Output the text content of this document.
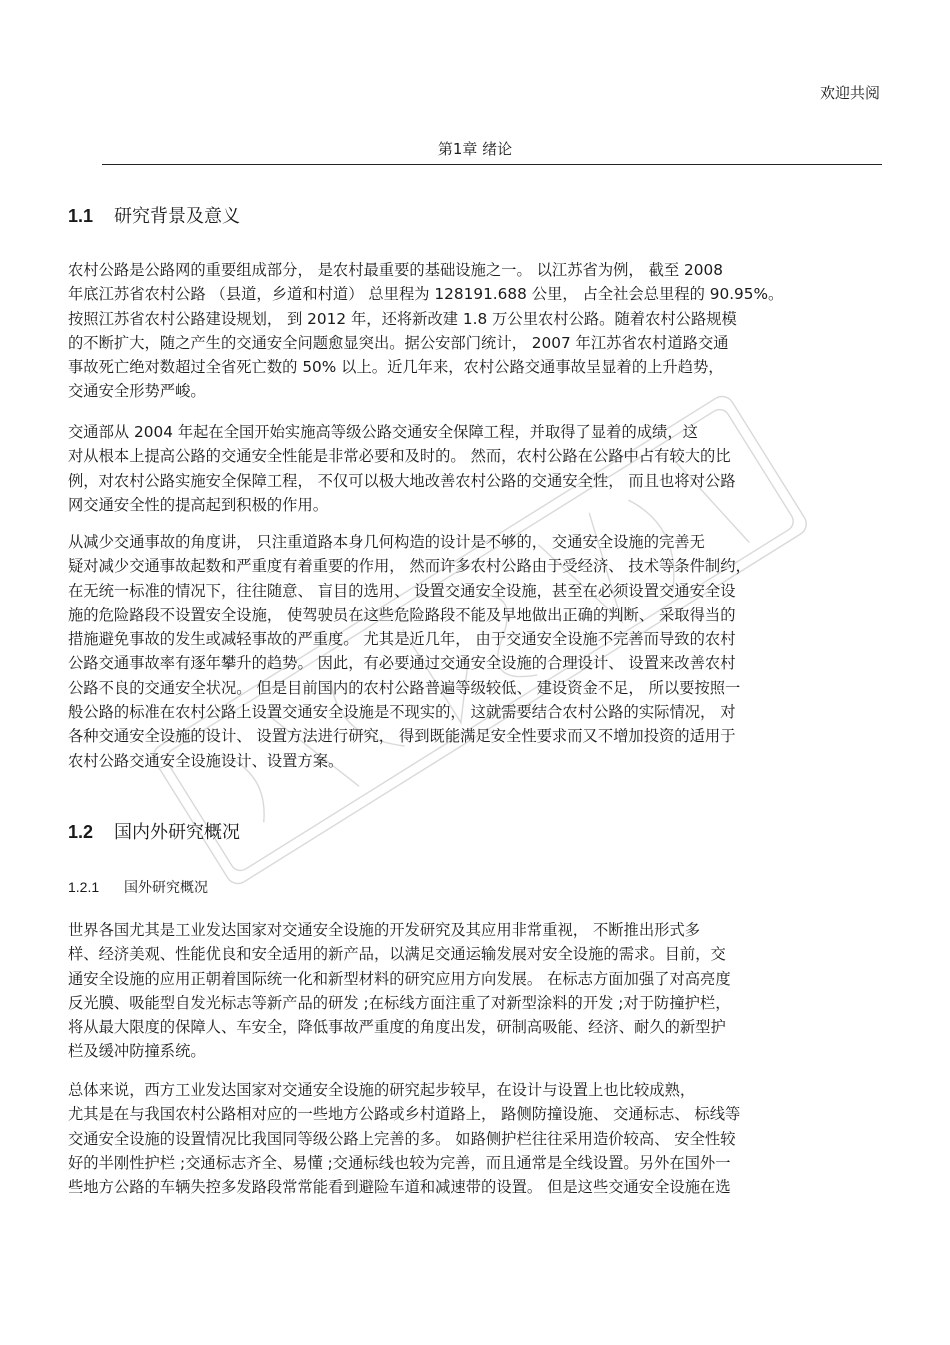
欢迎共阅
第1章 绪论
1.1 研究背景及意义
农村公路是公路网的重要组成部分， 是农村最重要的基础设施之一。 以江苏省为例， 截至 2008
年底江苏省农村公路 （县道，乡道和村道） 总里程为 128191.688 公里， 占全社会总里程的 90.95%。
按照江苏省农村公路建设规划， 到 2012 年，还将新改建 1.8 万公里农村公路。随着农村公路规模
的不断扩大，随之产生的交通安全问题愈显突出。据公安部门统计， 2007 年江苏省农村道路交通
事故死亡绝对数超过全省死亡数的 50% 以上。近几年来，农村公路交通事故呈显着的上升趋势，
交通安全形势严峻。
交通部从 2004 年起在全国开始实施高等级公路交通安全保障工程，并取得了显着的成绩，这
对从根本上提高公路的交通安全性能是非常必要和及时的。 然而，农村公路在公路中占有较大的比
例，对农村公路实施安全保障工程， 不仅可以极大地改善农村公路的交通安全性， 而且也将对公路
网交通安全性的提高起到积极的作用。
从减少交通事故的角度讲， 只注重道路本身几何构造的设计是不够的， 交通安全设施的完善无
疑对减少交通事故起数和严重度有着重要的作用， 然而许多农村公路由于受经济、 技术等条件制约，
在无统一标准的情况下，往往随意、 盲目的选用、 设置交通安全设施，甚至在必须设置交通安全设
施的危险路段不设置安全设施， 使驾驶员在这些危险路段不能及早地做出正确的判断、 采取得当的
措施避免事故的发生或减轻事故的严重度。 尤其是近几年， 由于交通安全设施不完善而导致的农村
公路交通事故率有逐年攀升的趋势。 因此，有必要通过交通安全设施的合理设计、 设置来改善农村
公路不良的交通安全状况。 但是目前国内的农村公路普遍等级较低、 建设资金不足， 所以要按照一
般公路的标准在农村公路上设置交通安全设施是不现实的， 这就需要结合农村公路的实际情况， 对
各种交通安全设施的设计、 设置方法进行研究， 得到既能满足安全性要求而又不增加投资的适用于
农村公路交通安全设施设计、设置方案。
1.2 国内外研究概况
1.2.1 国外研究概况
世界各国尤其是工业发达国家对交通安全设施的开发研究及其应用非常重视， 不断推出形式多
样、经济美观、性能优良和安全适用的新产品，以满足交通运输发展对安全设施的需求。目前，交
通安全设施的应用正朝着国际统一化和新型材料的研究应用方向发展。 在标志方面加强了对高亮度
反光膜、吸能型自发光标志等新产品的研发 ;在标线方面注重了对新型涂料的开发 ;对于防撞护栏，
将从最大限度的保障人、车安全，降低事故严重度的角度出发，研制高吸能、经济、耐久的新型护
栏及缓冲防撞系统。
总体来说，西方工业发达国家对交通安全设施的研究起步较早，在设计与设置上也比较成熟，
尤其是在与我国农村公路相对应的一些地方公路或乡村道路上， 路侧防撞设施、 交通标志、 标线等
交通安全设施的设置情况比我国同等级公路上完善的多。 如路侧护栏往往采用造价较高、 安全性较
好的半刚性护栏 ;交通标志齐全、易懂 ;交通标线也较为完善，而且通常是全线设置。另外在国外一
些地方公路的车辆失控多发路段常常能看到避险车道和减速带的设置。 但是这些交通安全设施在选
